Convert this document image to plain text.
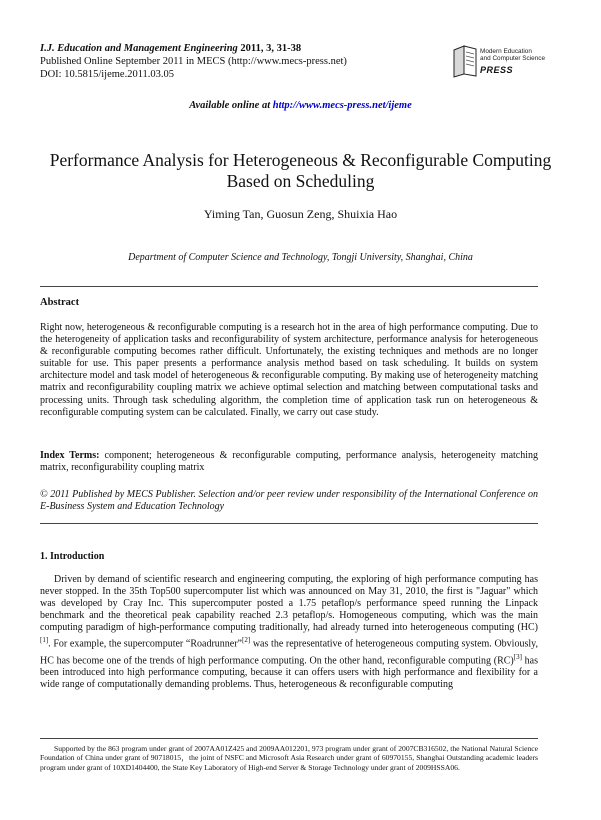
I.J. Education and Management Engineering 2011, 3, 31-38
Published Online September 2011 in MECS (http://www.mecs-press.net)
DOI: 10.5815/ijeme.2011.03.05
Modern Education
and Computer Science
PRESS
Available online at http://www.mecs-press.net/ijeme
Performance Analysis for Heterogeneous & Reconfigurable Computing Based on Scheduling
Yiming Tan, Guosun Zeng, Shuixia Hao
Department of Computer Science and Technology, Tongji University, Shanghai, China
Abstract
Right now, heterogeneous & reconfigurable computing is a research hot in the area of high performance computing. Due to the heterogeneity of application tasks and reconfigurability of system architecture, performance analysis for heterogeneous & reconfigurable computing becomes rather difficult. Unfortunately, the existing techniques and methods are no longer suitable for use. This paper presents a performance analysis method based on task scheduling. It builds on system architecture model and task model of heterogeneous & reconfigurable computing. By making use of heterogeneity matching matrix and reconfigurability coupling matrix we achieve optimal selection and matching between computational tasks and processing units. Through task scheduling algorithm, the completion time of application task run on heterogeneous & reconfigurable computing system can be calculated. Finally, we carry out case study.
Index Terms: component; heterogeneous & reconfigurable computing, performance analysis, heterogeneity matching matrix, reconfigurability coupling matrix
© 2011 Published by MECS Publisher. Selection and/or peer review under responsibility of the International Conference on E-Business System and Education Technology
1. Introduction
Driven by demand of scientific research and engineering computing, the exploring of high performance computing has never stopped. In the 35th Top500 supercomputer list which was announced on May 31, 2010, the first is "Jaguar" which was developed by Cray Inc. This supercomputer posted a 1.75 petaflop/s performance speed running the Linpack benchmark and the theoretical peak capability reached 2.3 petaflop/s. Homogeneous computing, which was the main computing paradigm of high-performance computing traditionally, had already turned into heterogeneous computing (HC)[1]. For example, the supercomputer “Roadrunner”[2] was the representative of heterogeneous computing system. Obviously, HC has become one of the trends of high performance computing. On the other hand, reconfigurable computing (RC)[3] has been introduced into high performance computing, because it can offers users with high performance and flexibility for a wide range of computationally demanding problems. Thus, heterogeneous & reconfigurable computing
Supported by the 863 program under grant of 2007AA01Z425 and 2009AA012201, 973 program under grant of 2007CB316502, the National Natural Science Foundation of China under grant of 90718015，the joint of NSFC and Microsoft Asia Research under grant of 60970155, Shanghai Outstanding academic leaders program under grant of 10XD1404400, the State Key Laboratory of High-end Server & Storage Technology under grant of 2009HSSA06.
